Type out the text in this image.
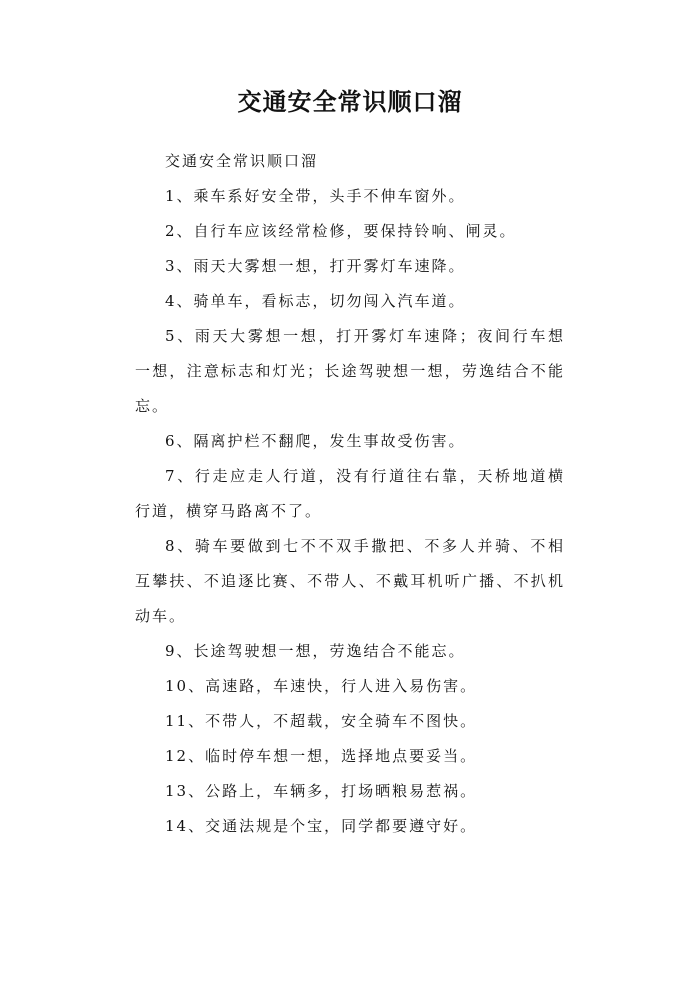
交通安全常识顺口溜

交通安全常识顺口溜

1、乘车系好安全带，头手不伸车窗外。

2、自行车应该经常检修，要保持铃响、闸灵。

3、雨天大雾想一想，打开雾灯车速降。

4、骑单车，看标志，切勿闯入汽车道。

5、雨天大雾想一想，打开雾灯车速降；夜间行车想一想，注意标志和灯光；长途驾驶想一想，劳逸结合不能忘。

6、隔离护栏不翻爬，发生事故受伤害。

7、行走应走人行道，没有行道往右靠，天桥地道横行道，横穿马路离不了。

8、骑车要做到七不不双手撒把、不多人并骑、不相互攀扶、不追逐比赛、不带人、不戴耳机听广播、不扒机动车。

9、长途驾驶想一想，劳逸结合不能忘。

10、高速路，车速快，行人进入易伤害。

11、不带人，不超载，安全骑车不图快。

12、临时停车想一想，选择地点要妥当。

13、公路上，车辆多，打场晒粮易惹祸。

14、交通法规是个宝，同学都要遵守好。
